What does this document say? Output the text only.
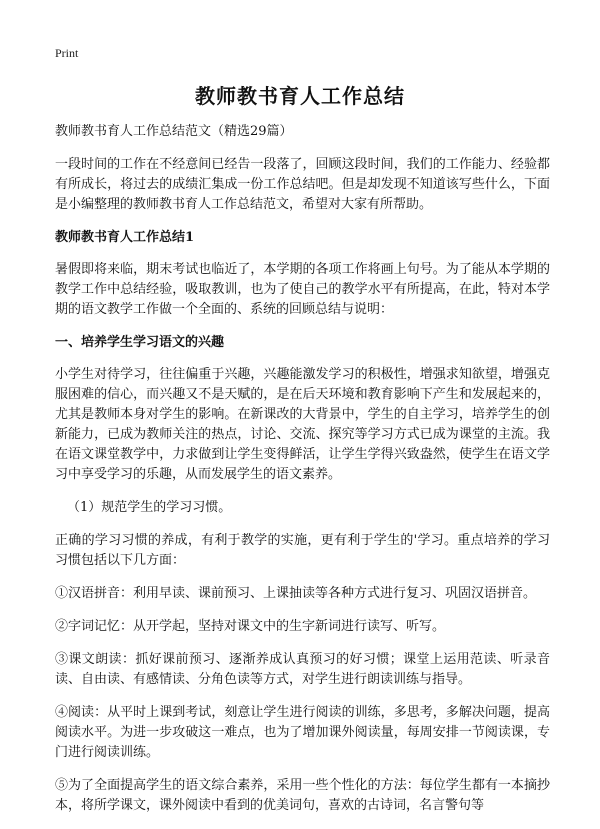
Print
教师教书育人工作总结

教师教书育人工作总结范文（精选29篇）

一段时间的工作在不经意间已经告一段落了，回顾这段时间，我们的工作能力、经验都有所成长，将过去的成绩汇集成一份工作总结吧。但是却发现不知道该写些什么，下面是小编整理的教师教书育人工作总结范文，希望对大家有所帮助。

教师教书育人工作总结1

暑假即将来临，期末考试也临近了，本学期的各项工作将画上句号。为了能从本学期的教学工作中总结经验，吸取教训，也为了使自己的教学水平有所提高，在此，特对本学期的语文教学工作做一个全面的、系统的回顾总结与说明：

一、培养学生学习语文的兴趣

小学生对待学习，往往偏重于兴趣，兴趣能激发学习的积极性，增强求知欲望，增强克服困难的信心，而兴趣又不是天赋的，是在后天环境和教育影响下产生和发展起来的，尤其是教师本身对学生的影响。在新课改的大背景中，学生的自主学习，培养学生的创新能力，已成为教师关注的热点，讨论、交流、探究等学习方式已成为课堂的主流。我在语文课堂教学中，力求做到让学生变得鲜活，让学生学得兴致盎然，使学生在语文学习中享受学习的乐趣，从而发展学生的语文素养。

（1）规范学生的学习习惯。

正确的学习习惯的养成，有利于教学的实施，更有利于学生的'学习。重点培养的学习习惯包括以下几方面：

①汉语拼音：利用早读、课前预习、上课抽读等各种方式进行复习、巩固汉语拼音。

②字词记忆：从开学起，坚持对课文中的生字新词进行读写、听写。

③课文朗读：抓好课前预习、逐渐养成认真预习的好习惯；课堂上运用范读、听录音读、自由读、有感情读、分角色读等方式，对学生进行朗读训练与指导。

④阅读：从平时上课到考试，刻意让学生进行阅读的训练，多思考，多解决问题，提高阅读水平。为进一步攻破这一难点，也为了增加课外阅读量，每周安排一节阅读课，专门进行阅读训练。

⑤为了全面提高学生的语文综合素养，采用一些个性化的方法：每位学生都有一本摘抄本，将所学课文，课外阅读中看到的优美词句，喜欢的古诗词，名言警句等
